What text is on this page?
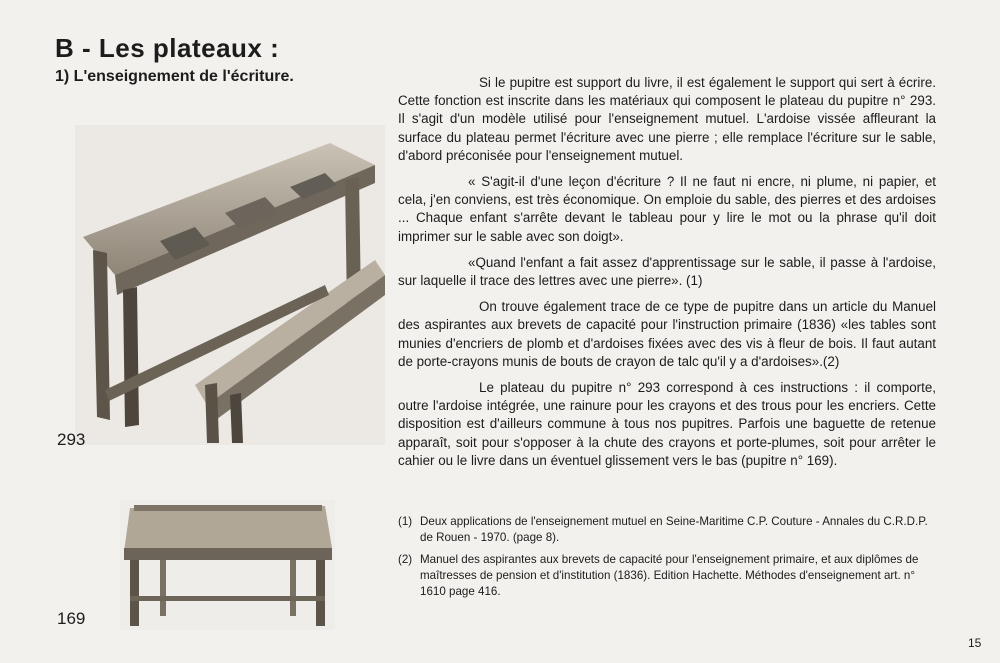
B - Les plateaux :
1) L'enseignement de l'écriture.
293
169

Si le pupitre est support du livre, il est également le support qui sert à écrire. Cette fonction est inscrite dans les matériaux qui composent le plateau du pupitre n° 293. Il s'agit d'un modèle utilisé pour l'enseignement mutuel. L'ardoise vissée affleurant la surface du plateau permet l'écriture avec une pierre ; elle remplace l'écriture sur le sable, d'abord préconisée pour l'enseignement mutuel.

« S'agit-il d'une leçon d'écriture ? Il ne faut ni encre, ni plume, ni papier, et cela, j'en conviens, est très économique. On emploie du sable, des pierres et des ardoises ... Chaque enfant s'arrête devant le tableau pour y lire le mot ou la phrase qu'il doit imprimer sur le sable avec son doigt».

«Quand l'enfant a fait assez d'apprentissage sur le sable, il passe à l'ardoise, sur laquelle il trace des lettres avec une pierre». (1)

On trouve également trace de ce type de pupitre dans un article du Manuel des aspirantes aux brevets de capacité pour l'instruction primaire (1836) «les tables sont munies d'encriers de plomb et d'ardoises fixées avec des vis à fleur de bois. Il faut autant de porte-crayons munis de bouts de crayon de talc qu'il y a d'ardoises».(2)

Le plateau du pupitre n° 293 correspond à ces instructions : il comporte, outre l'ardoise intégrée, une rainure pour les crayons et des trous pour les encriers. Cette disposition est d'ailleurs commune à tous nos pupitres. Parfois une baguette de retenue apparaît, soit pour s'opposer à la chute des crayons et porte-plumes, soit pour arrêter le cahier ou le livre dans un éventuel glissement vers le bas (pupitre n° 169).

(1) Deux applications de l'enseignement mutuel en Seine-Maritime C.P. Couture - Annales du C.R.D.P. de Rouen - 1970. (page 8).
(2) Manuel des aspirantes aux brevets de capacité pour l'enseignement primaire, et aux diplômes de maîtresses de pension et d'institution (1836). Edition Hachette. Méthodes d'enseignement art. n° 1610 page 416.
15
